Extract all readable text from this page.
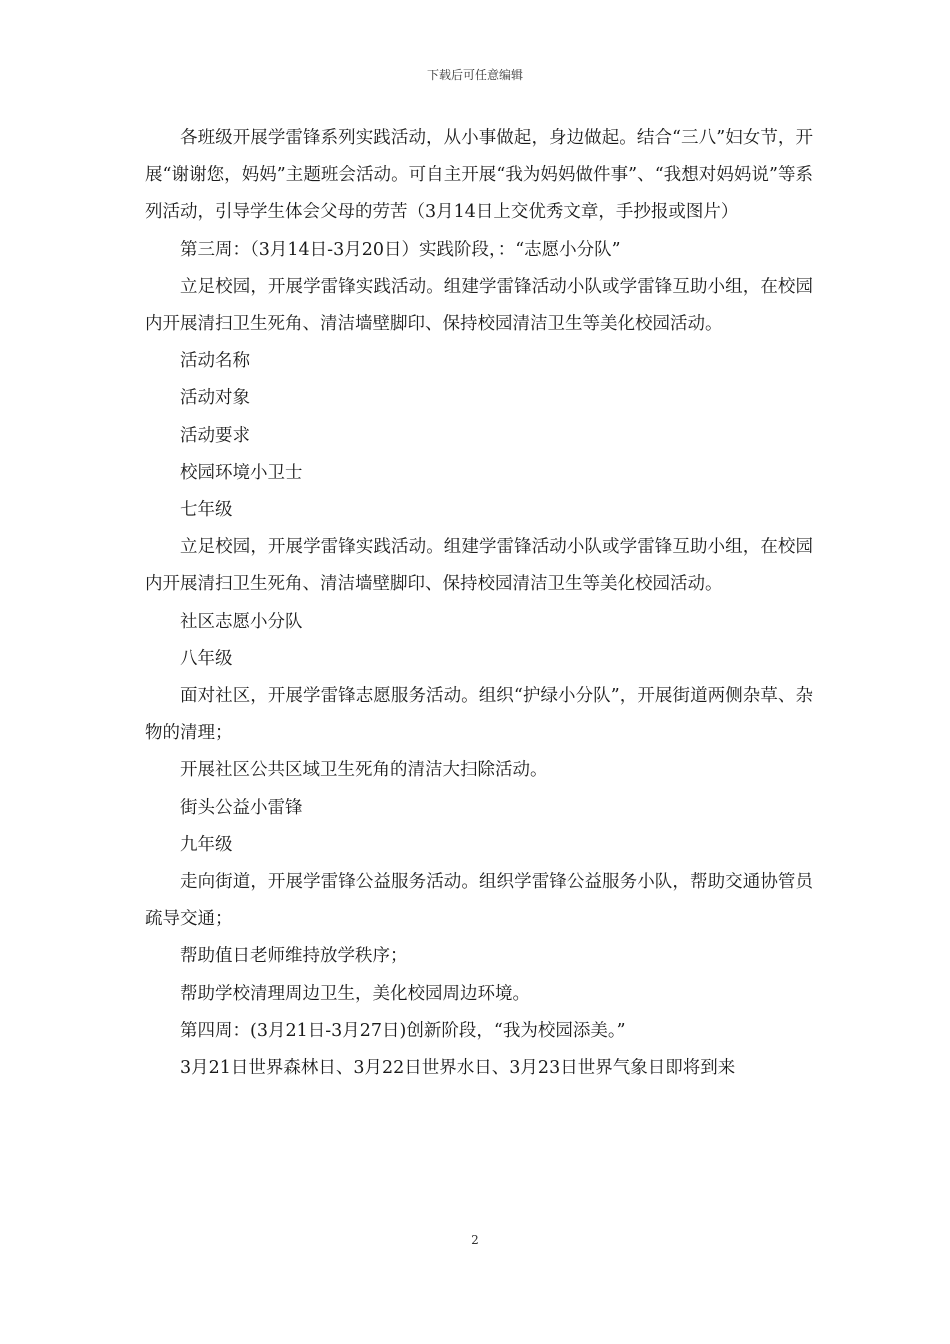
下载后可任意编辑

各班级开展学雷锋系列实践活动，从小事做起，身边做起。结合“三八”妇女节，开展“谢谢您，妈妈”主题班会活动。可自主开展“我为妈妈做件事”、“我想对妈妈说”等系列活动，引导学生体会父母的劳苦（3月14日上交优秀文章，手抄报或图片）

第三周：（3月14日-3月20日）实践阶段，：“志愿小分队”

立足校园，开展学雷锋实践活动。组建学雷锋活动小队或学雷锋互助小组，在校园内开展清扫卫生死角、清洁墙壁脚印、保持校园清洁卫生等美化校园活动。

活动名称

活动对象

活动要求

校园环境小卫士

七年级

立足校园，开展学雷锋实践活动。组建学雷锋活动小队或学雷锋互助小组，在校园内开展清扫卫生死角、清洁墙壁脚印、保持校园清洁卫生等美化校园活动。

社区志愿小分队

八年级

面对社区，开展学雷锋志愿服务活动。组织“护绿小分队”，开展街道两侧杂草、杂物的清理；

开展社区公共区域卫生死角的清洁大扫除活动。

街头公益小雷锋

九年级

走向街道，开展学雷锋公益服务活动。组织学雷锋公益服务小队，帮助交通协管员疏导交通；

帮助值日老师维持放学秩序；

帮助学校清理周边卫生，美化校园周边环境。

第四周：(3月21日-3月27日)创新阶段，“我为校园添美。”

3月21日世界森林日、3月22日世界水日、3月23日世界气象日即将到来

2
